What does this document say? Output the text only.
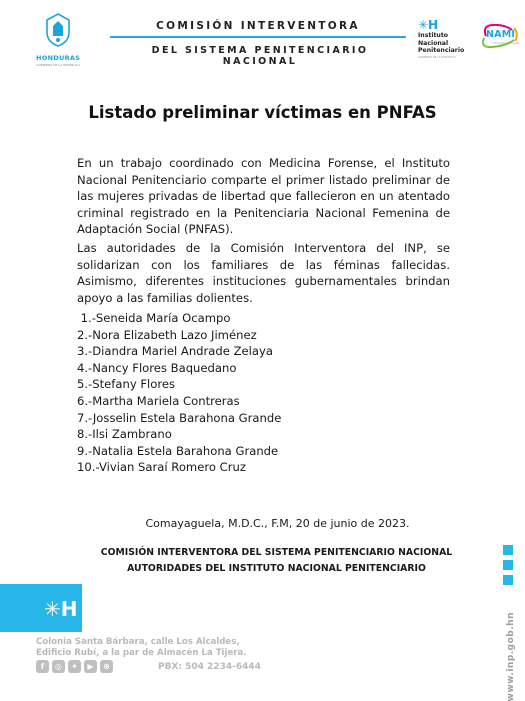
HONDURAS
GOBIERNO DE LA REPÚBLICA
COMISIÓN INTERVENTORA
DEL SISTEMA PENITENCIARIO NACIONAL
✳H
Instituto Nacional
Penitenciario
GOBIERNO DE LA REPÚBLICA
NAMI
Empoderamiento
Listado preliminar víctimas en PNFAS
En un trabajo coordinado con Medicina Forense, el Instituto Nacional Penitenciario comparte el primer listado preliminar de las mujeres privadas de libertad que fallecieron en un atentado criminal registrado en la Penitenciaria Nacional Femenina de Adaptación Social (PNFAS).
Las autoridades de la Comisión Interventora del INP, se solidarizan con los familiares de las féminas fallecidas. Asimismo, diferentes instituciones gubernamentales brindan apoyo a las familias dolientes.
1.-Seneida María Ocampo
2.-Nora Elizabeth Lazo Jiménez
3.-Diandra Mariel Andrade Zelaya
4.-Nancy Flores Baquedano
5.-Stefany Flores
6.-Martha Mariela Contreras
7.-Josselin Estela Barahona Grande
8.-Ilsi Zambrano
9.-Natalia Estela Barahona Grande
10.-Vivian Saraí Romero Cruz
Comayaguela, M.D.C., F.M, 20 de junio de 2023.
COMISIÓN INTERVENTORA DEL SISTEMA PENITENCIARIO NACIONAL
AUTORIDADES DEL INSTITUTO NACIONAL PENITENCIARIO
✳H
Colonia Santa Bárbara, calle Los Alcaldes, Edificio Rubí, a la par de Almacén La Tijera.
f	◎	✦	▶	⊕	PBX: 504 2234-6444	www.inp.gob.hn
